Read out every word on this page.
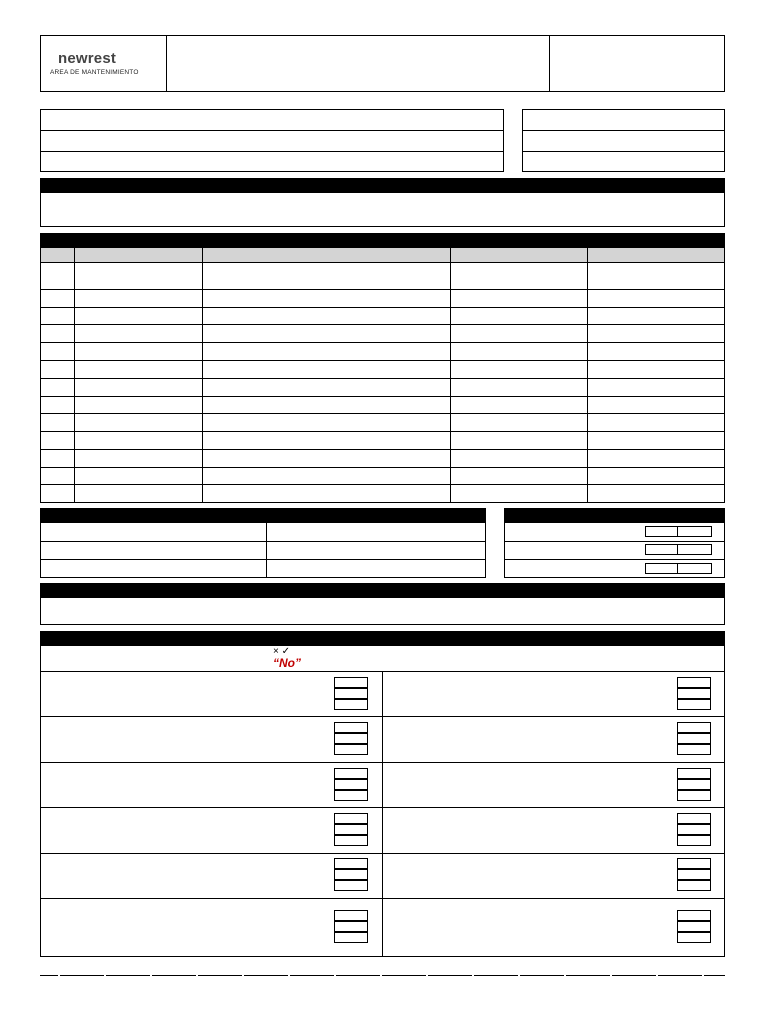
newrest
AREA DE MANTENIMIENTO
× ✓
“No”
